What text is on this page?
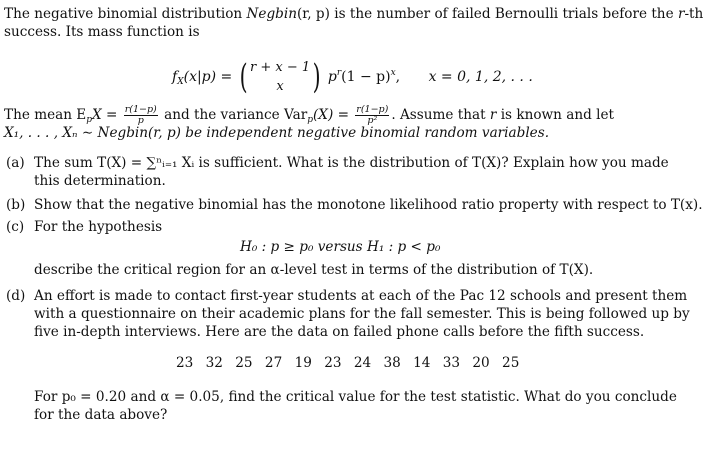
The negative binomial distribution Negbin(r, p) is the number of failed Bernoulli trials before the r-th
success. Its mass function is
$f_X(x|p)$ = ( r + x − 1
x ) $p^r(1 - p)^x$, x = 0, 1, 2, . . .
The mean $E_pX = \frac{r(1-p)}{p}$ and the variance $Var_p(X) = \frac{r(1-p)}{\text{p²}}$ . Assume that r is known and let
X₁, . . . , Xₙ ∼ Negbin(r, p) be independent negative binomial random variables.
(a) The sum T(X) = ∑ⁿᵢ₌₁ Xᵢ is sufficient. What is the distribution of T(X)? Explain how you made
this determination.
(b) Show that the negative binomial has the monotone likelihood ratio property with respect to T(x).
(c) For the hypothesis
H₀ : p ≥ p₀ versus H₁ : p < p₀
describe the critical region for an α-level test in terms of the distribution of T(X).
(d) An effort is made to contact first-year students at each of the Pac 12 schools and present them
with a questionnaire on their academic plans for the fall semester. This is being followed up by
five in-depth interviews. Here are the data on failed phone calls before the fifth success.
23 32 25 27 19 23 24 38 14 33 20 25
For p₀ = 0.20 and α = 0.05, find the critical value for the test statistic. What do you conclude
for the data above?
